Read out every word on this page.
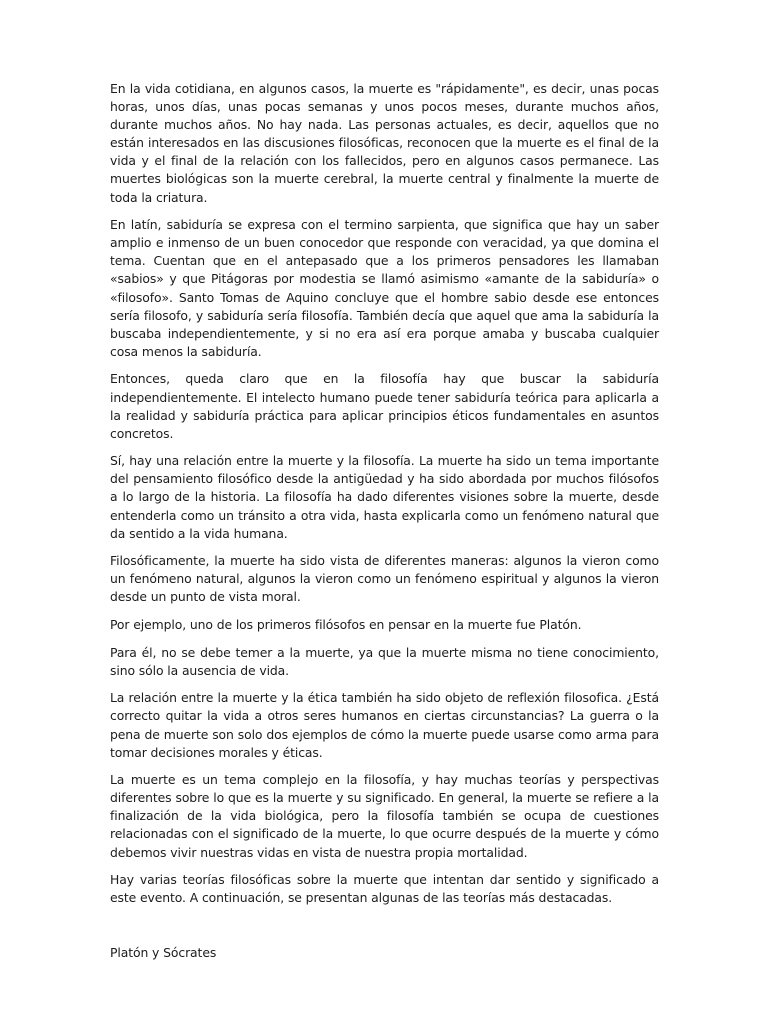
En la vida cotidiana, en algunos casos, la muerte es "rápidamente", es decir, unas pocas horas, unos días, unas pocas semanas y unos pocos meses, durante muchos años, durante muchos años. No hay nada. Las personas actuales, es decir, aquellos que no están interesados en las discusiones filosóficas, reconocen que la muerte es el final de la vida y el final de la relación con los fallecidos, pero en algunos casos permanece. Las muertes biológicas son la muerte cerebral, la muerte central y finalmente la muerte de toda la criatura.

En latín, sabiduría se expresa con el termino sarpienta, que significa que hay un saber amplio e inmenso de un buen conocedor que responde con veracidad, ya que domina el tema. Cuentan que en el antepasado que a los primeros pensadores les llamaban «sabios» y que Pitágoras por modestia se llamó asimismo «amante de la sabiduría» o «filosofo». Santo Tomas de Aquino concluye que el hombre sabio desde ese entonces sería filosofo, y sabiduría sería filosofía. También decía que aquel que ama la sabiduría la buscaba independientemente, y si no era así era porque amaba y buscaba cualquier cosa menos la sabiduría.

Entonces, queda claro que en la filosofía hay que buscar la sabiduría independientemente. El intelecto humano puede tener sabiduría teórica para aplicarla a la realidad y sabiduría práctica para aplicar principios éticos fundamentales en asuntos concretos.

Sí, hay una relación entre la muerte y la filosofía. La muerte ha sido un tema importante del pensamiento filosófico desde la antigüedad y ha sido abordada por muchos filósofos a lo largo de la historia. La filosofía ha dado diferentes visiones sobre la muerte, desde entenderla como un tránsito a otra vida, hasta explicarla como un fenómeno natural que da sentido a la vida humana.

Filosóficamente, la muerte ha sido vista de diferentes maneras: algunos la vieron como un fenómeno natural, algunos la vieron como un fenómeno espiritual y algunos la vieron desde un punto de vista moral.

Por ejemplo, uno de los primeros filósofos en pensar en la muerte fue Platón.

Para él, no se debe temer a la muerte, ya que la muerte misma no tiene conocimiento, sino sólo la ausencia de vida.

La relación entre la muerte y la ética también ha sido objeto de reflexión filosofica. ¿Está correcto quitar la vida a otros seres humanos en ciertas circunstancias? La guerra o la pena de muerte son solo dos ejemplos de cómo la muerte puede usarse como arma para tomar decisiones morales y éticas.

La muerte es un tema complejo en la filosofía, y hay muchas teorías y perspectivas diferentes sobre lo que es la muerte y su significado. En general, la muerte se refiere a la finalización de la vida biológica, pero la filosofía también se ocupa de cuestiones relacionadas con el significado de la muerte, lo que ocurre después de la muerte y cómo debemos vivir nuestras vidas en vista de nuestra propia mortalidad.

Hay varias teorías filosóficas sobre la muerte que intentan dar sentido y significado a este evento. A continuación, se presentan algunas de las teorías más destacadas.

Platón y Sócrates
